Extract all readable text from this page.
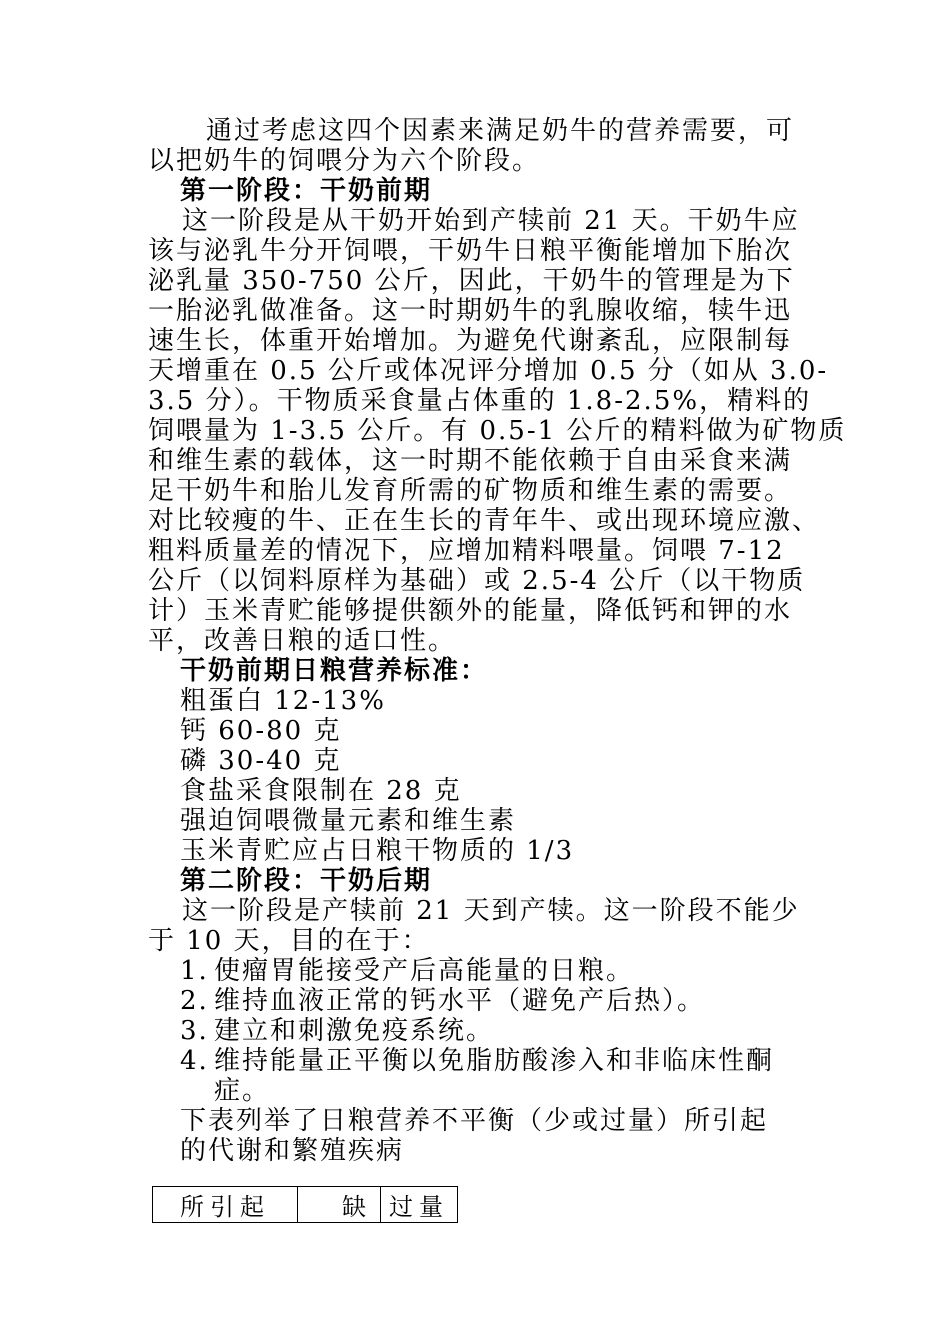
通过考虑这四个因素来满足奶牛的营养需要，可
以把奶牛的饲喂分为六个阶段。
第一阶段：干奶前期
这一阶段是从干奶开始到产犊前 21 天。干奶牛应
该与泌乳牛分开饲喂，干奶牛日粮平衡能增加下胎次
泌乳量 350-750 公斤，因此，干奶牛的管理是为下
一胎泌乳做准备。这一时期奶牛的乳腺收缩，犊牛迅
速生长，体重开始增加。为避免代谢紊乱，应限制每
天增重在 0.5 公斤或体况评分增加 0.5 分（如从 3.0-
3.5 分）。干物质采食量占体重的 1.8-2.5%，精料的
饲喂量为 1-3.5 公斤。有 0.5-1 公斤的精料做为矿物质
和维生素的载体，这一时期不能依赖于自由采食来满
足干奶牛和胎儿发育所需的矿物质和维生素的需要。
对比较瘦的牛、正在生长的青年牛、或出现环境应激、
粗料质量差的情况下，应增加精料喂量。饲喂 7-12
公斤（以饲料原样为基础）或 2.5-4 公斤（以干物质
计）玉米青贮能够提供额外的能量，降低钙和钾的水
平，改善日粮的适口性。
干奶前期日粮营养标准：
粗蛋白 12-13%
钙 60-80 克
磷 30-40 克
食盐采食限制在 28 克
强迫饲喂微量元素和维生素
玉米青贮应占日粮干物质的 1/3
第二阶段：干奶后期
这一阶段是产犊前 21 天到产犊。这一阶段不能少
于 10 天，目的在于：
1. 使瘤胃能接受产后高能量的日粮。
2. 维持血液正常的钙水平（避免产后热）。
3. 建立和刺激免疫系统。
4. 维持能量正平衡以免脂肪酸渗入和非临床性酮
症。
下表列举了日粮营养不平衡（少或过量）所引起
的代谢和繁殖疾病
所引起	缺	过量
